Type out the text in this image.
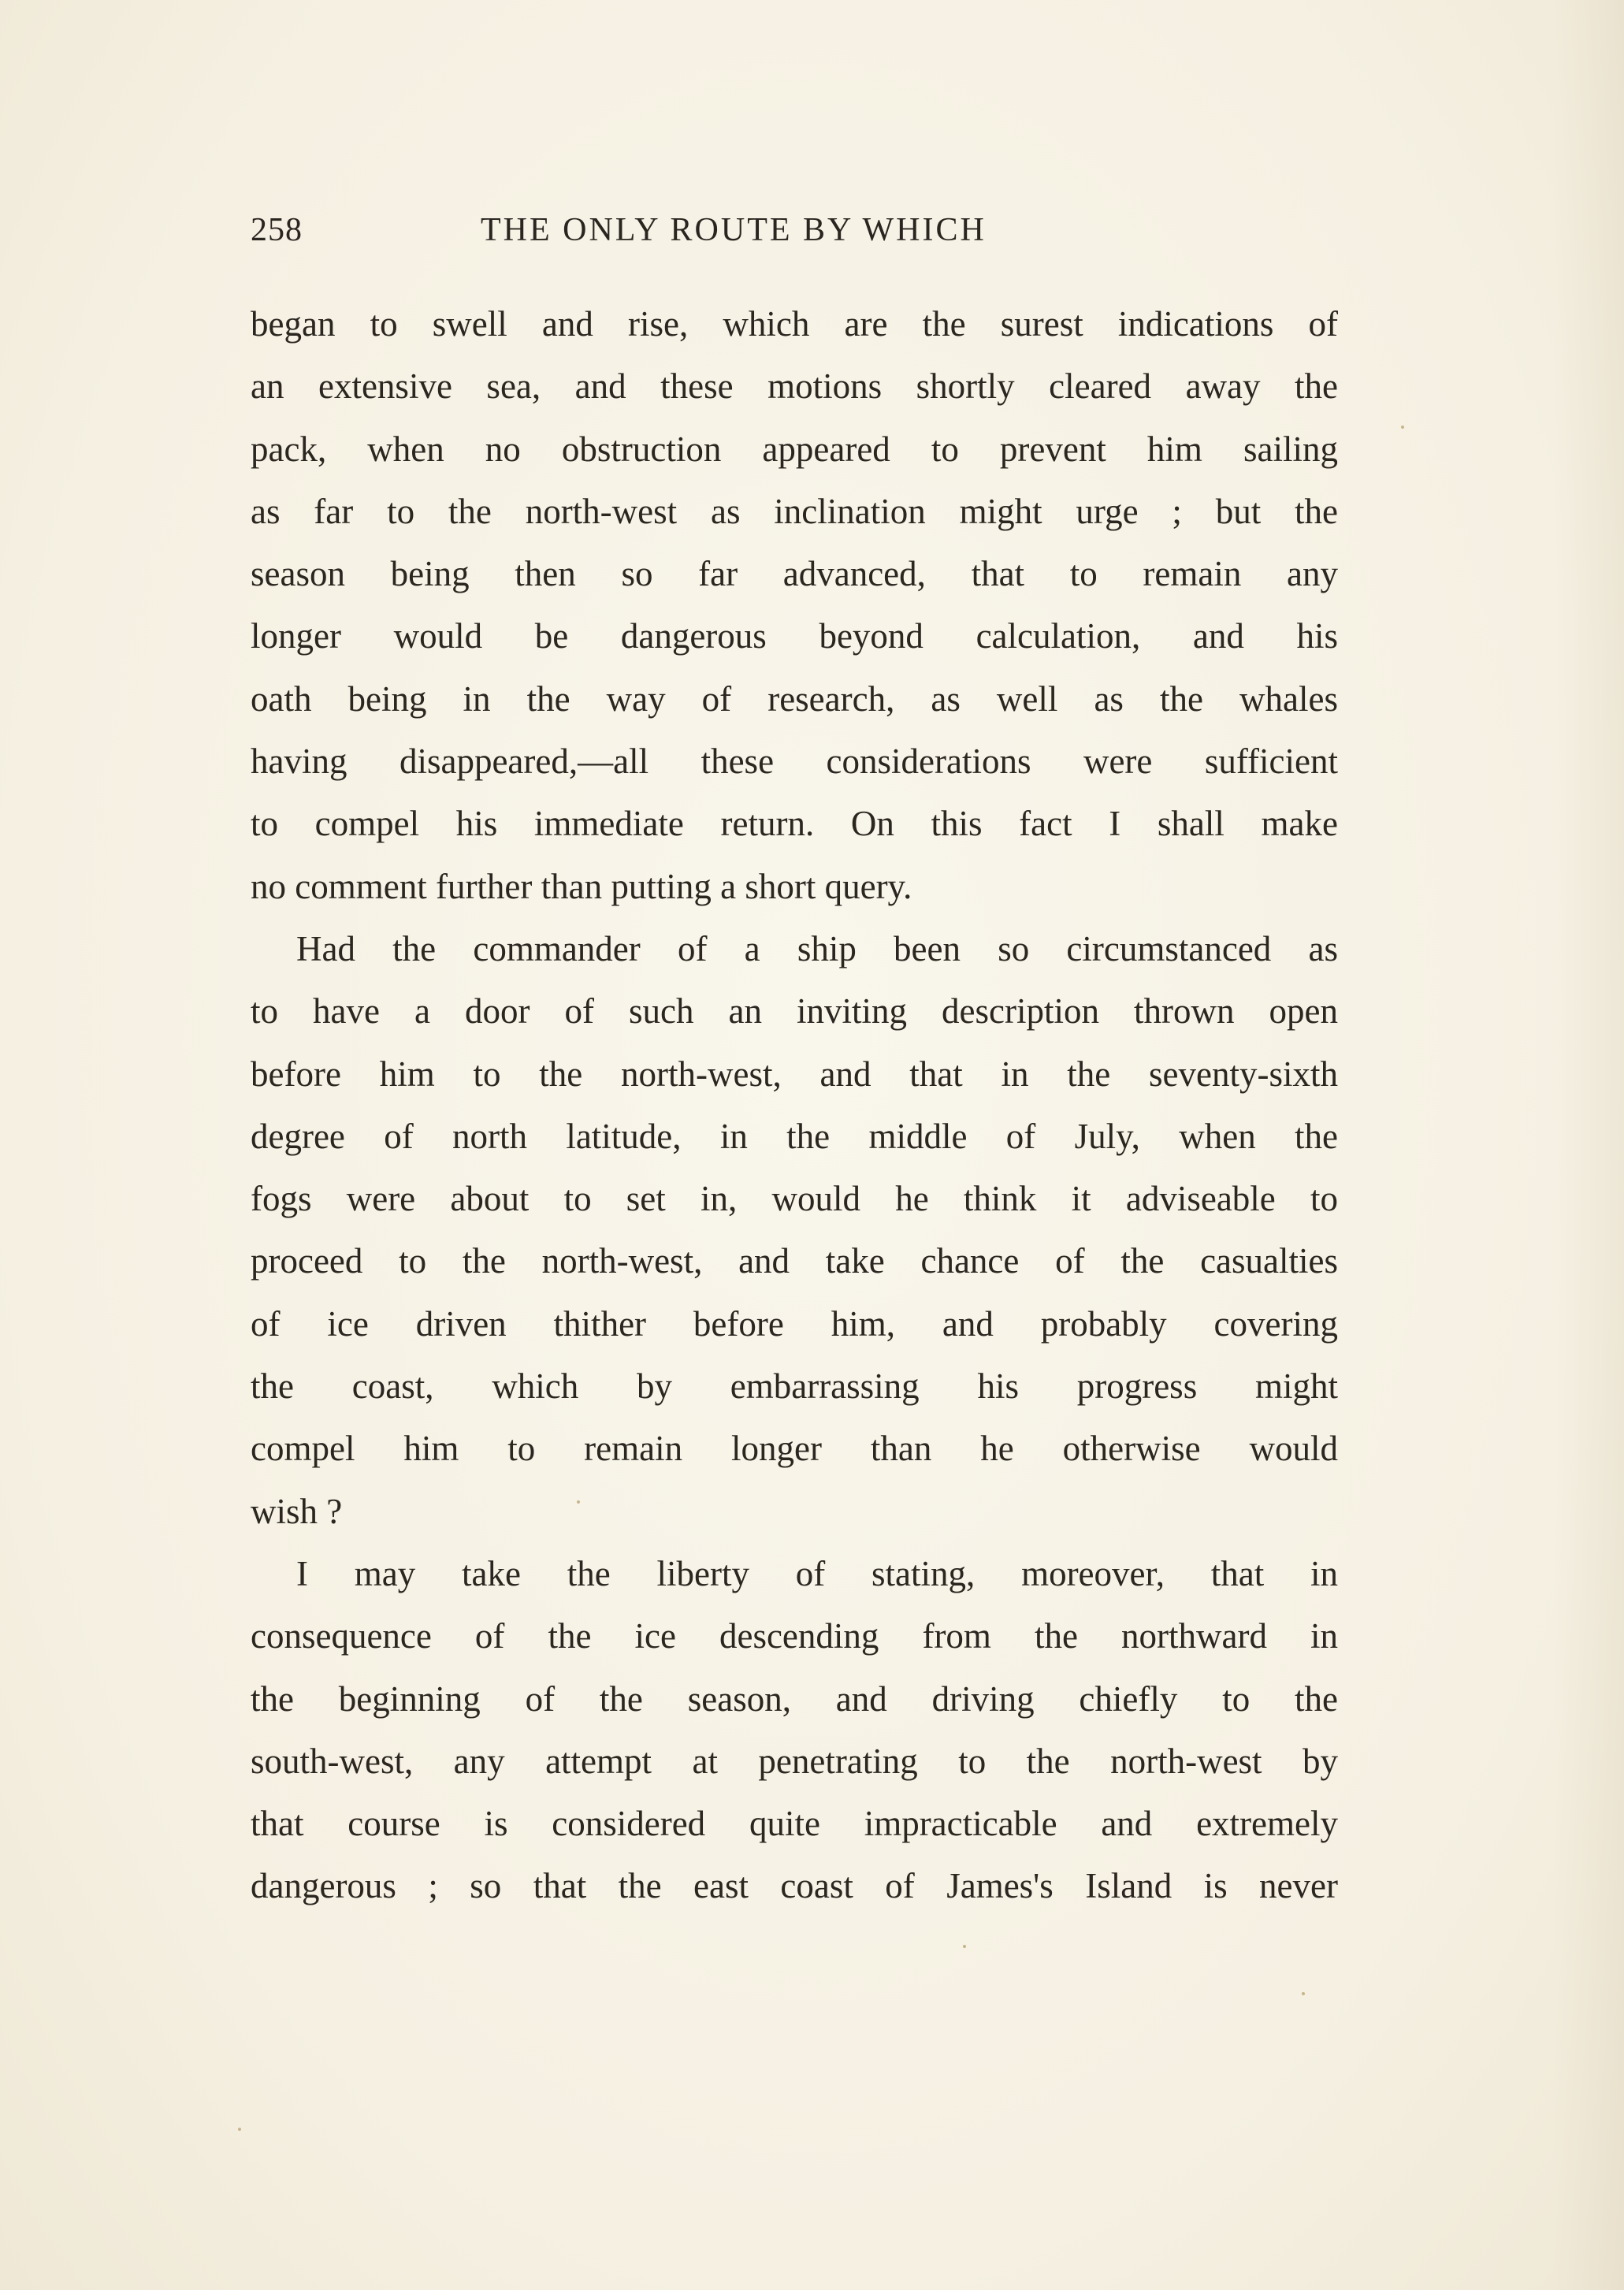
258	THE ONLY ROUTE BY WHICH
began to swell and rise, which are the surest indications of
an extensive sea, and these motions shortly cleared away the
pack, when no obstruction appeared to prevent him sailing
as far to the north-west as inclination might urge ; but the
season being then so far advanced, that to remain any
longer would be dangerous beyond calculation, and his
oath being in the way of research, as well as the whales
having disappeared,—all these considerations were sufficient
to compel his immediate return. On this fact I shall make
no comment further than putting a short query.
Had the commander of a ship been so circumstanced as
to have a door of such an inviting description thrown open
before him to the north-west, and that in the seventy-sixth
degree of north latitude, in the middle of July, when the
fogs were about to set in, would he think it adviseable to
proceed to the north-west, and take chance of the casualties
of ice driven thither before him, and probably covering
the coast, which by embarrassing his progress might
compel him to remain longer than he otherwise would
wish ?
I may take the liberty of stating, moreover, that in
consequence of the ice descending from the northward in
the beginning of the season, and driving chiefly to the
south-west, any attempt at penetrating to the north-west by
that course is considered quite impracticable and extremely
dangerous ; so that the east coast of James's Island is never
